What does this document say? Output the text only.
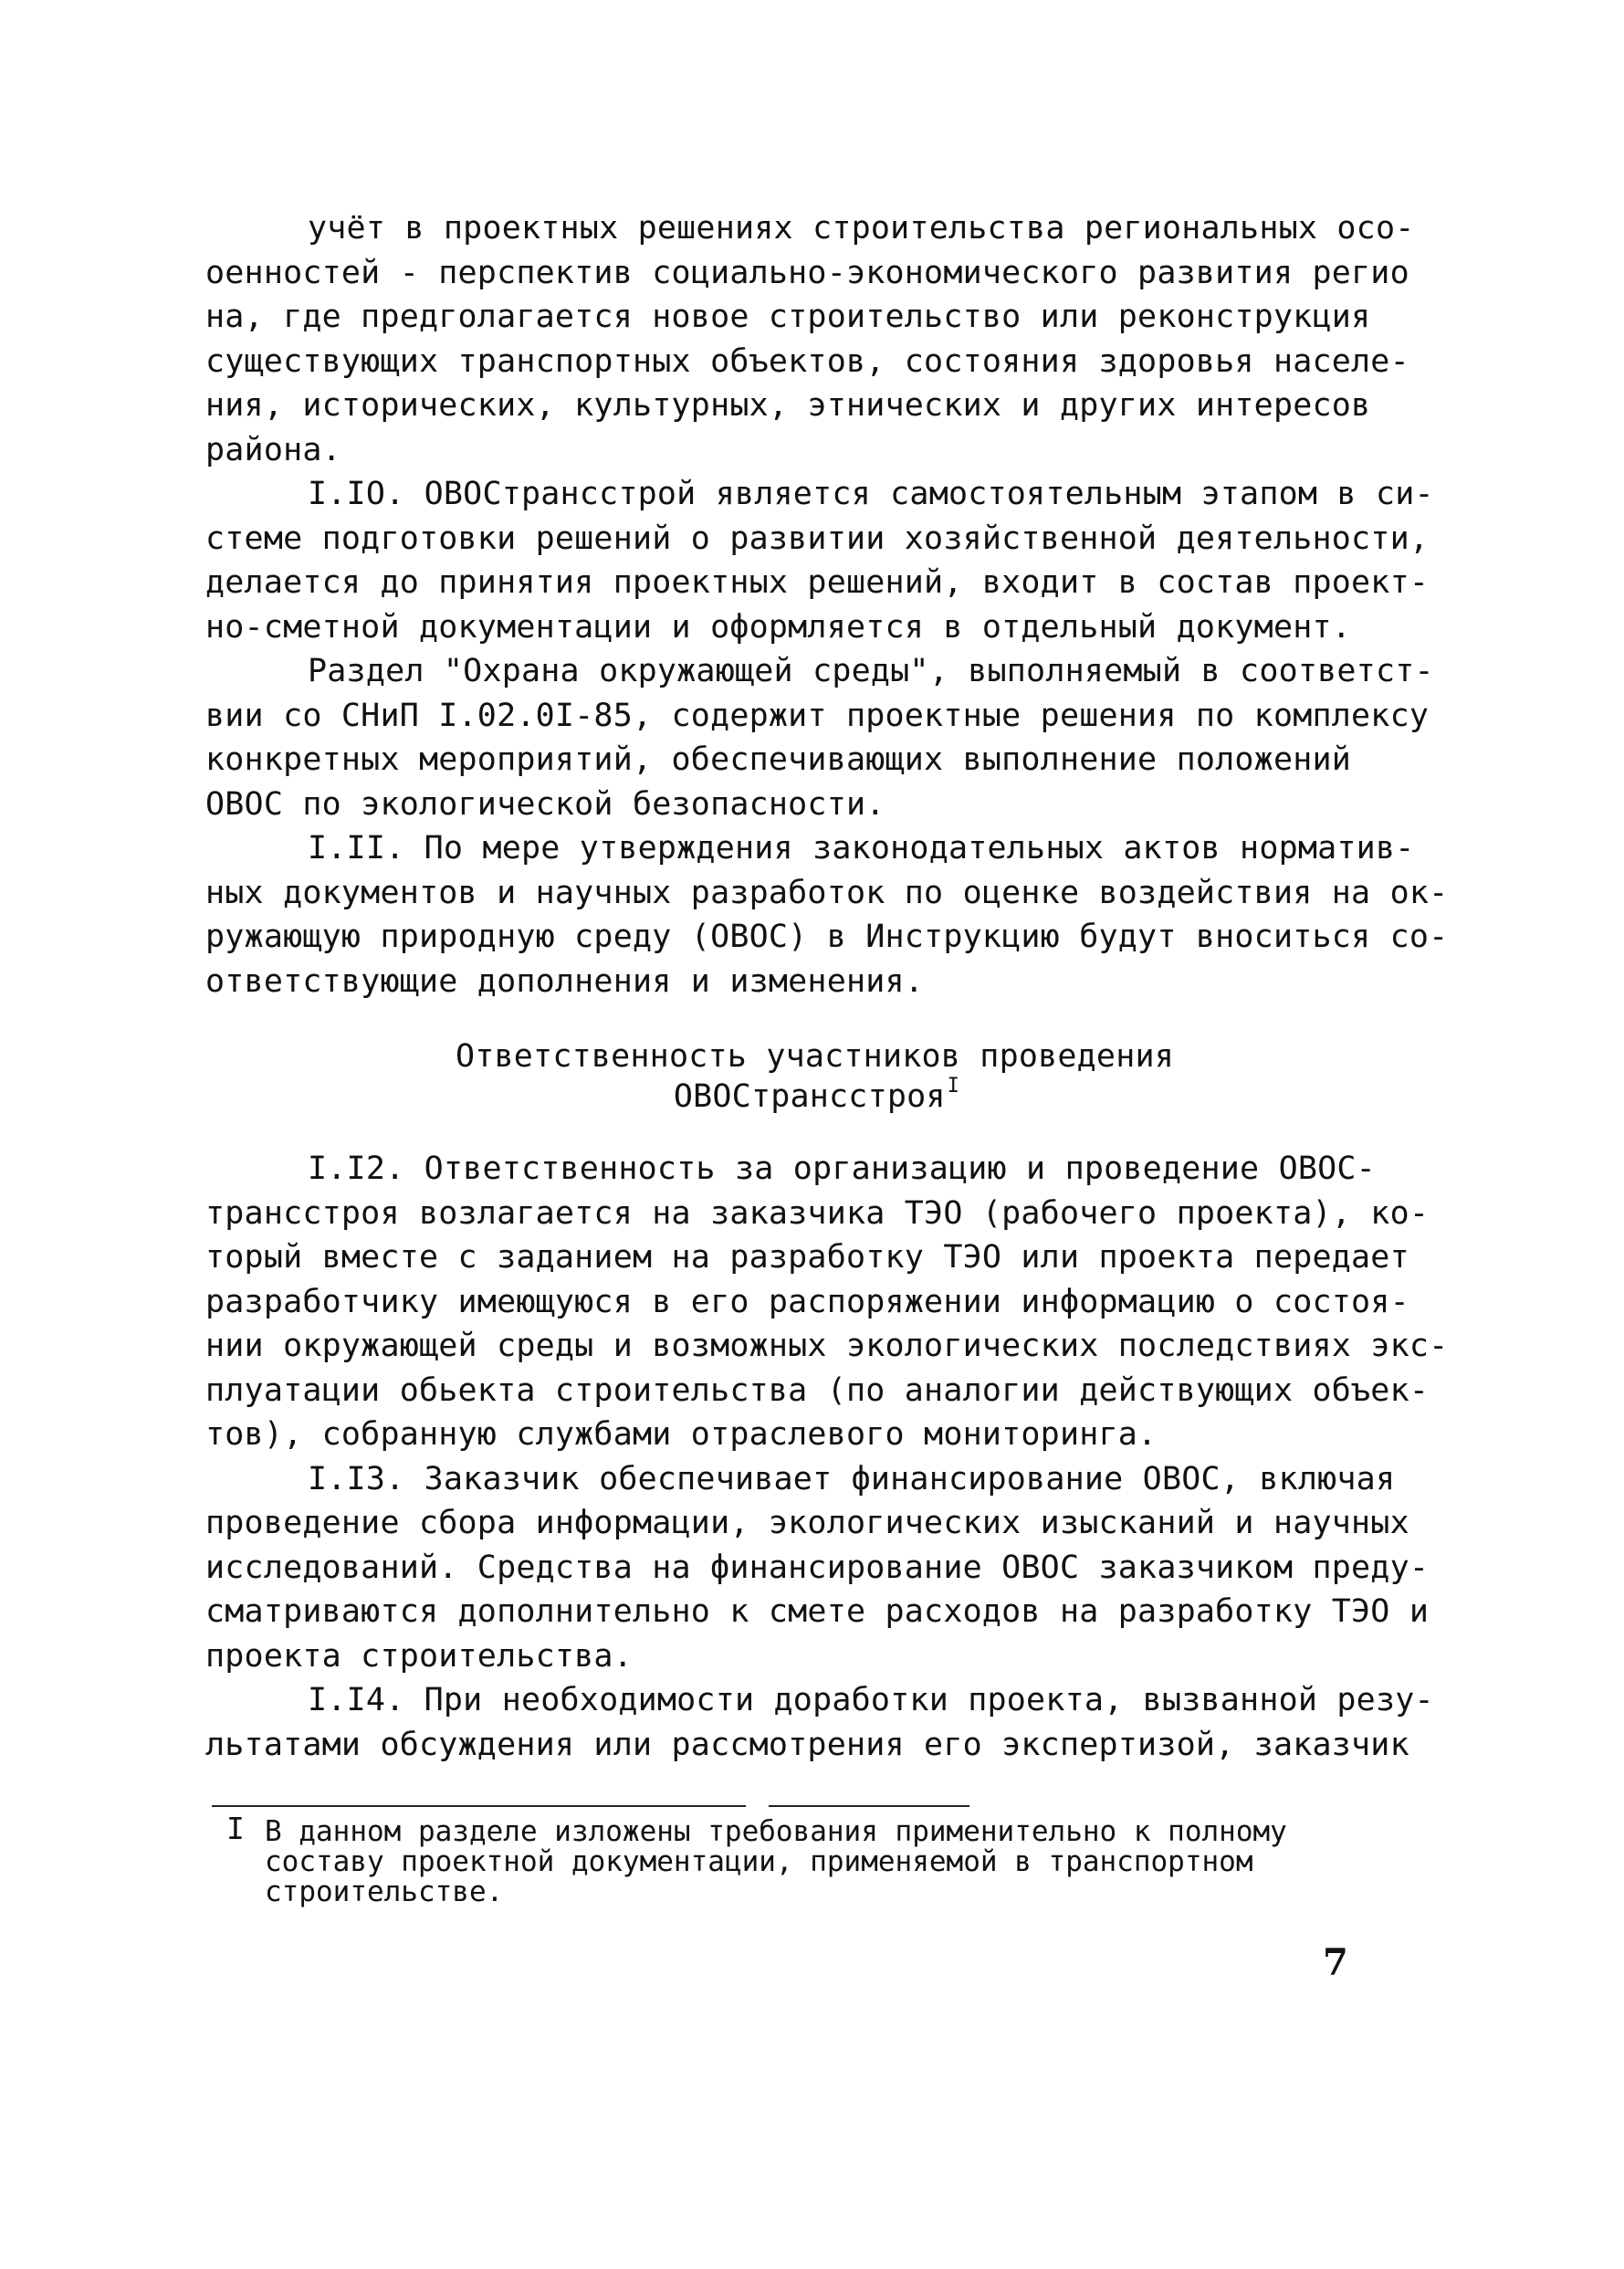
учёт в проектных решениях строительства региональных осо-
оенностей - перспектив социально-экономического развития регио
на, где предголагается новое строительство или реконструкция
существующих транспортных объектов, состояния здоровья населе-
ния, исторических, культурных, этнических и других интересов
района.
I.IO. ОВОСтрансстрой является самостоятельным этапом в си-
стеме подготовки решений о развитии хозяйственной деятельности,
делается до принятия проектных решений, входит в состав проект-
но-сметной документации и оформляется в отдельный документ.
Раздел "Охрана окружающей среды", выполняемый в соответст-
вии со СНиП I.02.0I-85, содержит проектные решения по комплексу
конкретных мероприятий, обеспечивающих выполнение положений
ОВОС по экологической безопасности.
I.II. По мере утверждения законодательных актов норматив-
ных документов и научных разработок по оценке воздействия на ок-
ружающую природную среду (ОВОС) в Инструкцию будут вноситься со-
ответствующие дополнения и изменения.
Ответственность участников проведения
ОВОСтрансстроя$^I$
I.I2. Ответственность за организацию и проведение ОВОС-
трансстроя возлагается на заказчика ТЭО (рабочего проекта), ко-
торый вместе с заданием на разработку ТЭО или проекта передает
разработчику имеющуюся в его распоряжении информацию о состоя-
нии окружающей среды и возможных экологических последствиях экс-
плуатации обьекта строительства (по аналогии действующих объек-
тов), собранную службами отраслевого мониторинга.
I.I3. Заказчик обеспечивает финансирование ОВОС, включая
проведение сбора информации, экологических изысканий и научных
исследований. Средства на финансирование ОВОС заказчиком преду-
сматриваются дополнительно к смете расходов на разработку ТЭО и
проекта строительства.
I.I4. При необходимости доработки проекта, вызванной резу-
льтатами обсуждения или рассмотрения его экспертизой, заказчик
I В данном разделе изложены требования применительно к полному
составу проектной документации, применяемой в транспортном
строительстве.
7
